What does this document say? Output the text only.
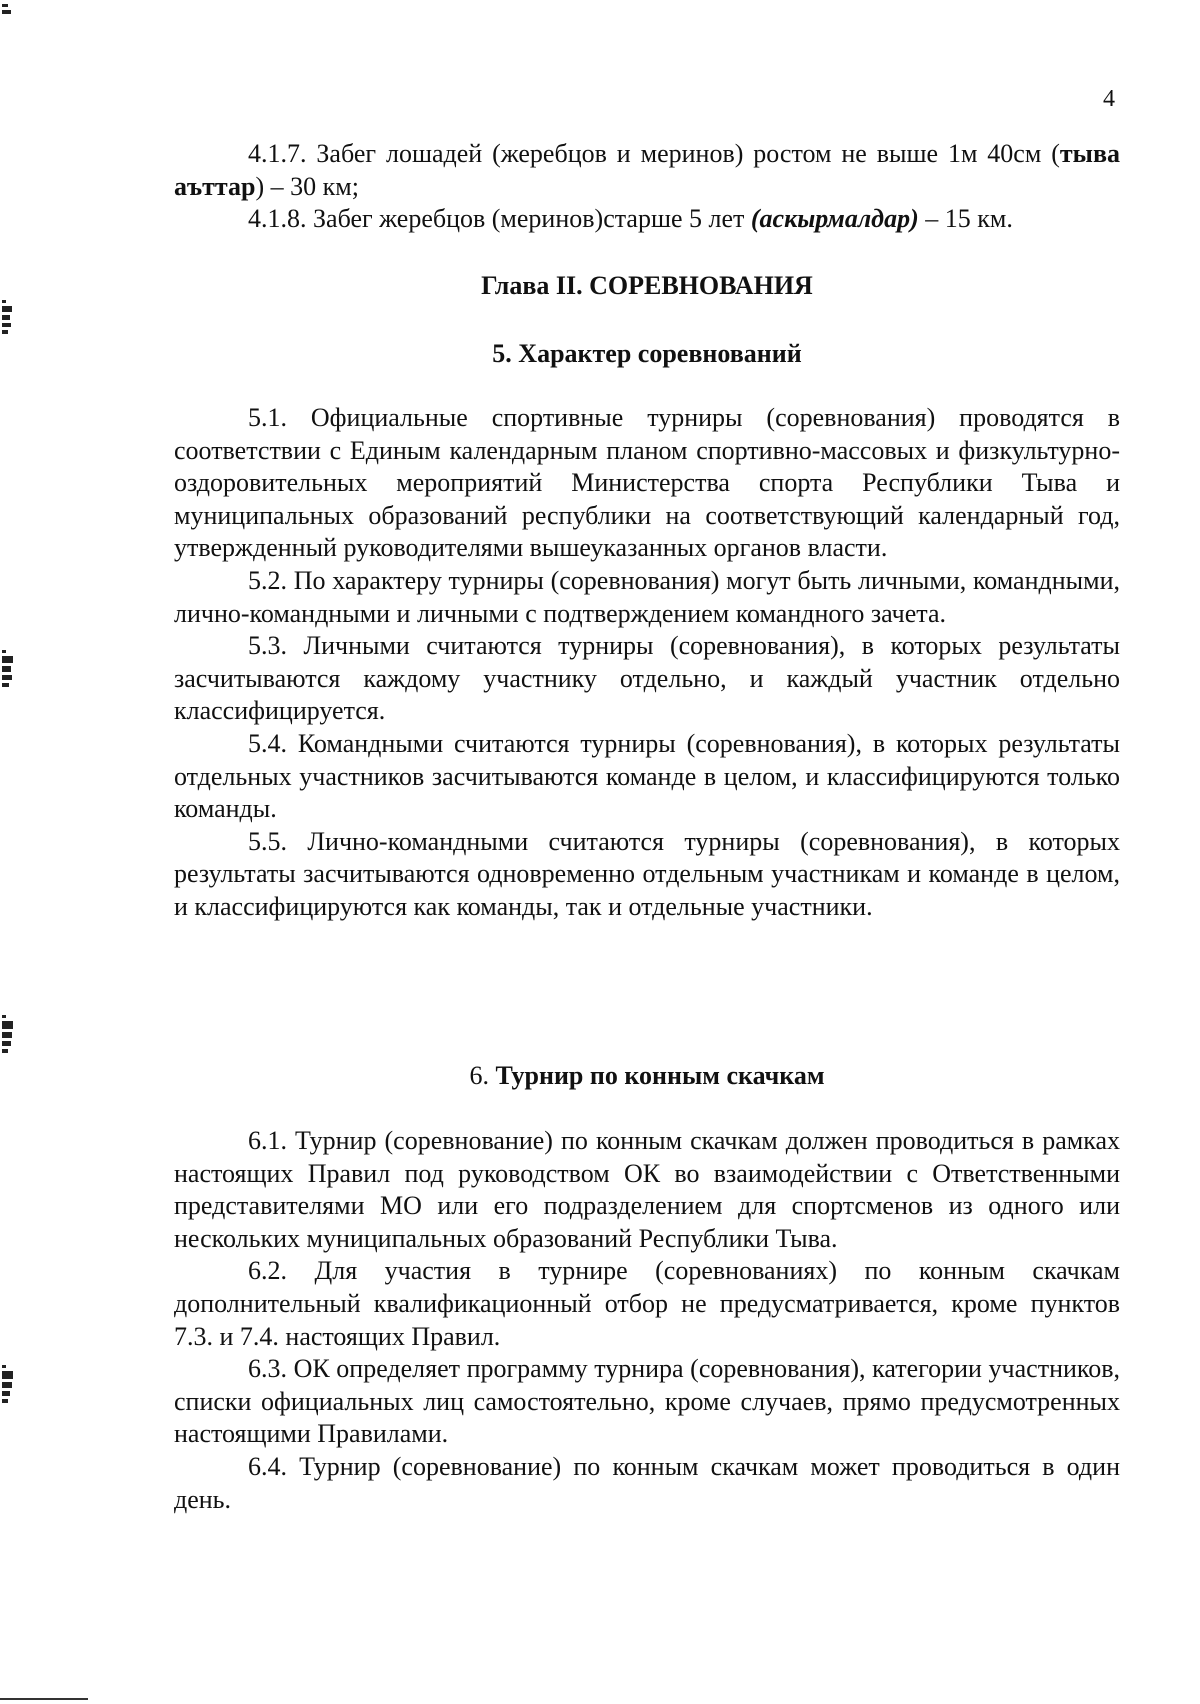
4

4.1.7. Забег лошадей (жеребцов и меринов) ростом не выше 1м 40см (тыва аъттар) – 30 км;

4.1.8. Забег жеребцов (меринов)старше 5 лет (аскырмалдар) – 15 км.

Глава II. СОРЕВНОВАНИЯ
5. Характер соревнований

5.1. Официальные спортивные турниры (соревнования) проводятся в соответствии с Единым календарным планом спортивно-массовых и физкультурно-оздоровительных мероприятий Министерства спорта Республики Тыва и муниципальных образований республики на соответствующий календарный год, утвержденный руководителями вышеуказанных органов власти.

5.2. По характеру турниры (соревнования) могут быть личными, командными, лично-командными и личными с подтверждением командного зачета.

5.3. Личными считаются турниры (соревнования), в которых результаты засчитываются каждому участнику отдельно, и каждый участник отдельно классифицируется.

5.4. Командными считаются турниры (соревнования), в которых результаты отдельных участников засчитываются команде в целом, и классифицируются только команды.

5.5. Лично-командными считаются турниры (соревнования), в которых результаты засчитываются одновременно отдельным участникам и команде в целом, и классифицируются как команды, так и отдельные участники.

6. Турнир по конным скачкам

6.1. Турнир (соревнование) по конным скачкам должен проводиться в рамках настоящих Правил под руководством ОК во взаимодействии с Ответственными представителями МО или его подразделением для спортсменов из одного или нескольких муниципальных образований Республики Тыва.

6.2. Для участия в турнире (соревнованиях) по конным скачкам дополнительный квалификационный отбор не предусматривается, кроме пунктов 7.3. и 7.4. настоящих Правил.

6.3. ОК определяет программу турнира (соревнования), категории участников, списки официальных лиц самостоятельно, кроме случаев, прямо предусмотренных настоящими Правилами.

6.4. Турнир (соревнование) по конным скачкам может проводиться в один день.
